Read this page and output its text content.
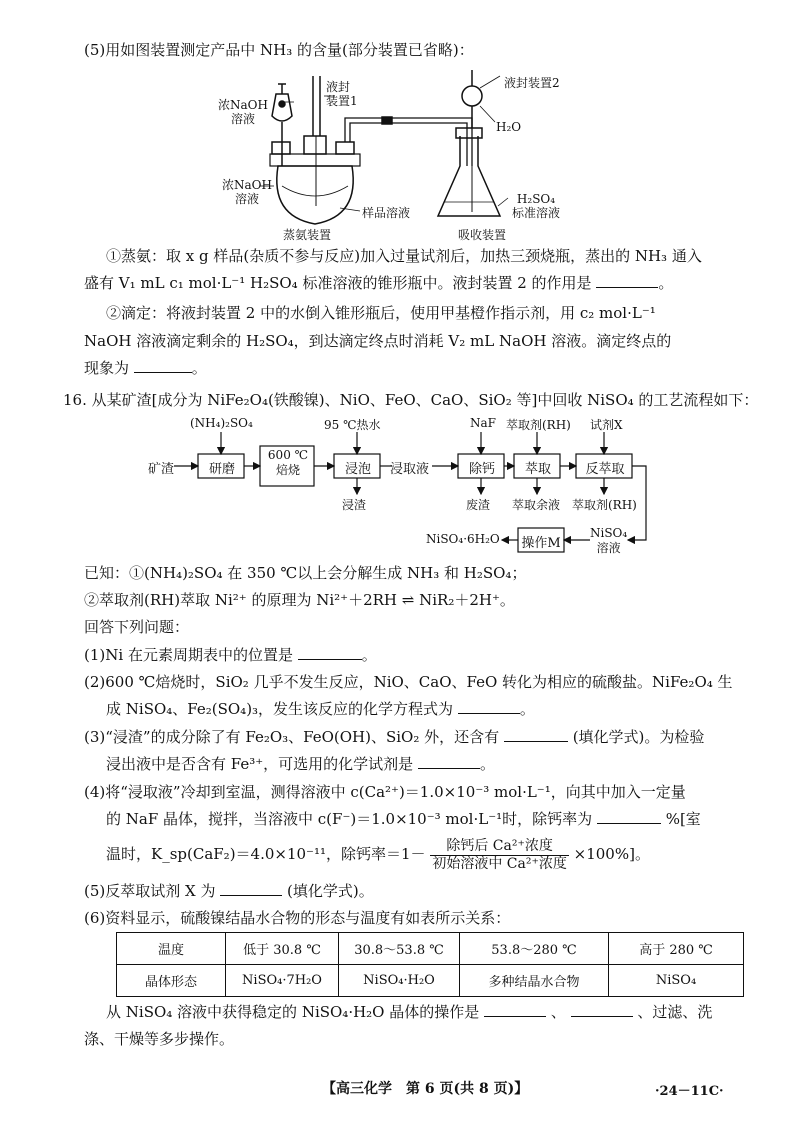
(5)用如图装置测定产品中 NH₃ 的含量(部分装置已省略)：
浓NaOH
溶液
液封
装置1
浓NaOH
溶液
样品溶液
蒸氨装置
液封装置2
H₂O
H₂SO₄
标准溶液
吸收装置
①蒸氨：取 x g 样品(杂质不参与反应)加入过量试剂后，加热三颈烧瓶，蒸出的 NH₃ 通入
盛有 V₁ mL c₁ mol·L⁻¹ H₂SO₄ 标准溶液的锥形瓶中。液封装置 2 的作用是	。
②滴定：将液封装置 2 中的水倒入锥形瓶后，使用甲基橙作指示剂，用 c₂ mol·L⁻¹
NaOH 溶液滴定剩余的 H₂SO₄，到达滴定终点时消耗 V₂ mL NaOH 溶液。滴定终点的
现象为	。
16. 从某矿渣[成分为 NiFe₂O₄(铁酸镍)、NiO、FeO、CaO、SiO₂ 等]中回收 NiSO₄ 的工艺流程如下：
矿渣	研磨
600 ℃
焙烧	浸泡	浸取液	除钙	萃取	反萃取
(NH₄)₂SO₄	95 ℃热水	NaF 萃取剂(RH) 试剂X
浸渣	废渣 萃取余液 萃取剂(RH)
NiSO₄
溶液
操作M
NiSO₄·6H₂O
已知：①(NH₄)₂SO₄ 在 350 ℃以上会分解生成 NH₃ 和 H₂SO₄；
②萃取剂(RH)萃取 Ni²⁺ 的原理为 Ni²⁺＋2RH ⇌ NiR₂＋2H⁺。
回答下列问题：
(1)Ni 在元素周期表中的位置是	。
(2)600 ℃焙烧时，SiO₂ 几乎不发生反应，NiO、CaO、FeO 转化为相应的硫酸盐。NiFe₂O₄ 生
成 NiSO₄、Fe₂(SO₄)₃，发生该反应的化学方程式为	。
(3)“浸渣”的成分除了有 Fe₂O₃、FeO(OH)、SiO₂ 外，还含有	(填化学式)。为检验
浸出液中是否含有 Fe³⁺，可选用的化学试剂是	。
(4)将“浸取液”冷却到室温，测得溶液中 c(Ca²⁺)＝1.0×10⁻³ mol·L⁻¹，向其中加入一定量
的 NaF 晶体，搅拌，当溶液中 c(F⁻)＝1.0×10⁻³ mol·L⁻¹时，除钙率为	%[室
温时，K_sp(CaF₂)＝4.0×10⁻¹¹，除钙率$=1- \frac{\text{除钙后 Ca²⁺浓度}}{\text{初始溶液中 Ca²⁺浓度}} \times 100\%$]。
(5)反萃取试剂 X 为	(填化学式)。
(6)资料显示，硫酸镍结晶水合物的形态与温度有如表所示关系：
温度	低于 30.8 ℃	30.8～53.8 ℃	53.8～280 ℃	高于 280 ℃
晶体形态	NiSO₄·7H₂O	NiSO₄·H₂O	多种结晶水合物	NiSO₄
从 NiSO₄ 溶液中获得稳定的 NiSO₄·H₂O 晶体的操作是	、	、过滤、洗
涤、干燥等多步操作。
【高三化学　第 6 页(共 8 页)】	·24－11C·
